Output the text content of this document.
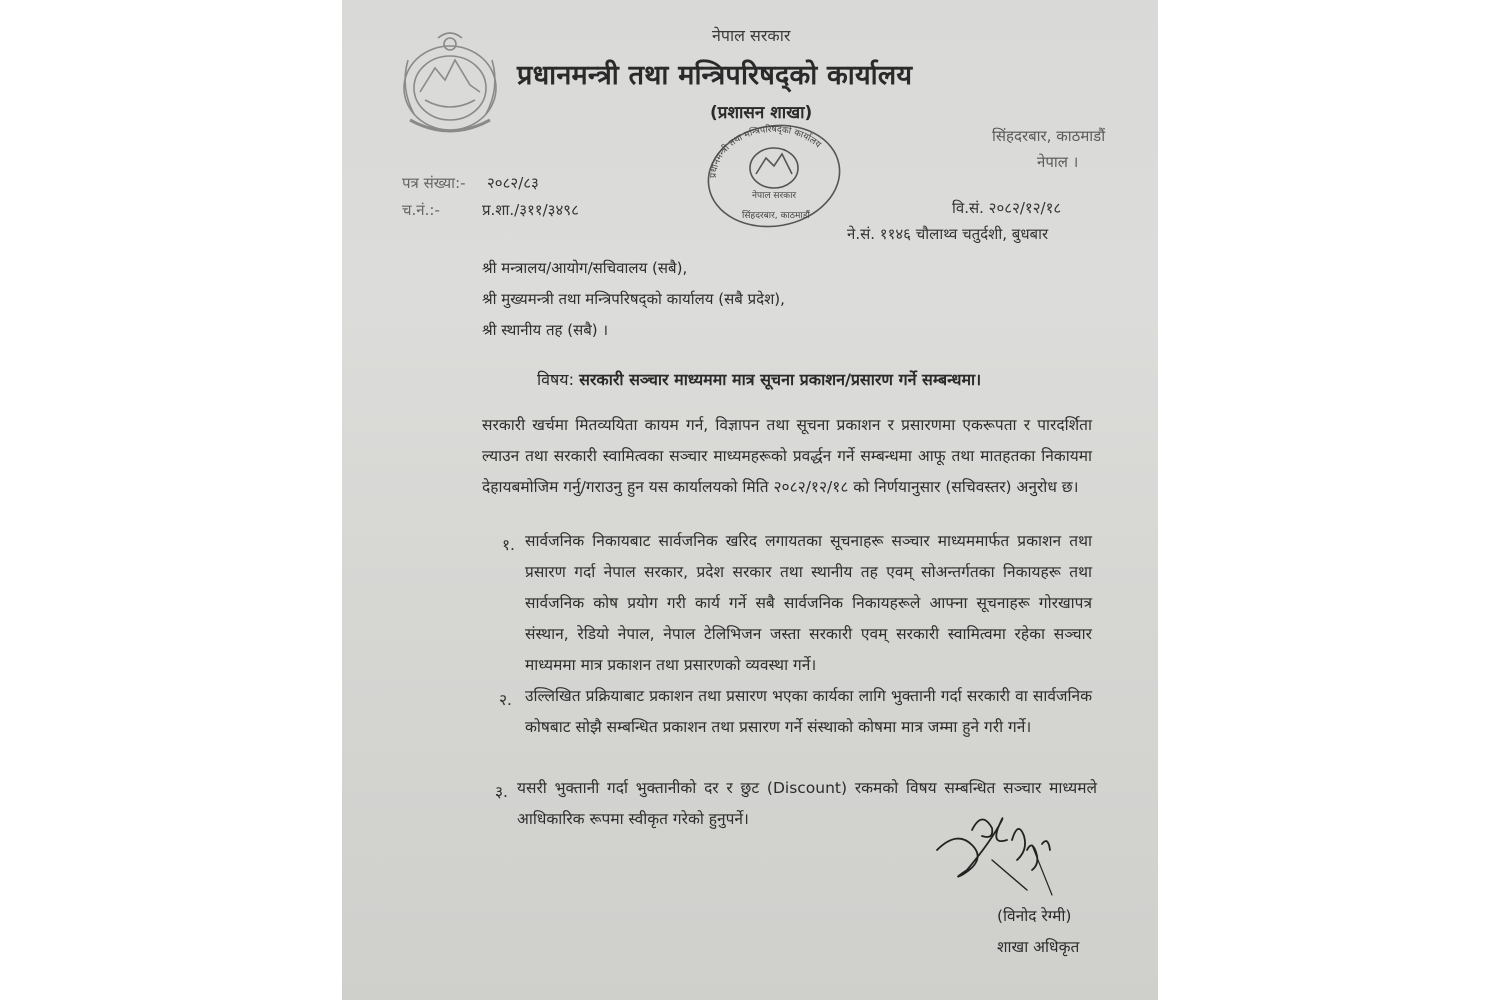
नेपाल सरकार
प्रधानमन्त्री तथा मन्त्रिपरिषद्को कार्यालय
(प्रशासन शाखा)
सिंहदरबार, काठमाडौं
नेपाल ।
प्रधानमन्त्री तथा मन्त्रिपरिषद्को कार्यालय
नेपाल सरकार
सिंहदरबार, काठमाडौं
पत्र संख्या:- २०८२/८३
च.नं.:-	प्र.शा./३११/३४९८	वि.सं. २०८२/१२/१८
ने.सं. ११४६ चौलाथ्व चतुर्दशी, बुधबार
श्री मन्त्रालय/आयोग/सचिवालय (सबै),
श्री मुख्यमन्त्री तथा मन्त्रिपरिषद्को कार्यालय (सबै प्रदेश),
श्री स्थानीय तह (सबै) ।
विषय: सरकारी सञ्चार माध्यममा मात्र सूचना प्रकाशन/प्रसारण गर्ने सम्बन्धमा।
सरकारी खर्चमा मितव्ययिता कायम गर्न, विज्ञापन तथा सूचना प्रकाशन र प्रसारणमा एकरूपता र पारदर्शिता ल्याउन तथा सरकारी स्वामित्वका सञ्चार माध्यमहरूको प्रवर्द्धन गर्ने सम्बन्धमा आफू तथा मातहतका निकायमा देहायबमोजिम गर्नु/गराउनु हुन यस कार्यालयको मिति २०८२/१२/१८ को निर्णयानुसार (सचिवस्तर) अनुरोध छ।
१. सार्वजनिक निकायबाट सार्वजनिक खरिद लगायतका सूचनाहरू सञ्चार माध्यममार्फत प्रकाशन तथा प्रसारण गर्दा नेपाल सरकार, प्रदेश सरकार तथा स्थानीय तह एवम् सोअन्तर्गतका निकायहरू तथा सार्वजनिक कोष प्रयोग गरी कार्य गर्ने सबै सार्वजनिक निकायहरूले आफ्ना सूचनाहरू गोरखापत्र संस्थान, रेडियो नेपाल, नेपाल टेलिभिजन जस्ता सरकारी एवम् सरकारी स्वामित्वमा रहेका सञ्चार माध्यममा मात्र प्रकाशन तथा प्रसारणको व्यवस्था गर्ने।
२. उल्लिखित प्रक्रियाबाट प्रकाशन तथा प्रसारण भएका कार्यका लागि भुक्तानी गर्दा सरकारी वा सार्वजनिक कोषबाट सोझै सम्बन्धित प्रकाशन तथा प्रसारण गर्ने संस्थाको कोषमा मात्र जम्मा हुने गरी गर्ने।
३. यसरी भुक्तानी गर्दा भुक्तानीको दर र छुट (Discount) रकमको विषय सम्बन्धित सञ्चार माध्यमले आधिकारिक रूपमा स्वीकृत गरेको हुनुपर्ने।
(विनोद रेग्मी)
शाखा अधिकृत
